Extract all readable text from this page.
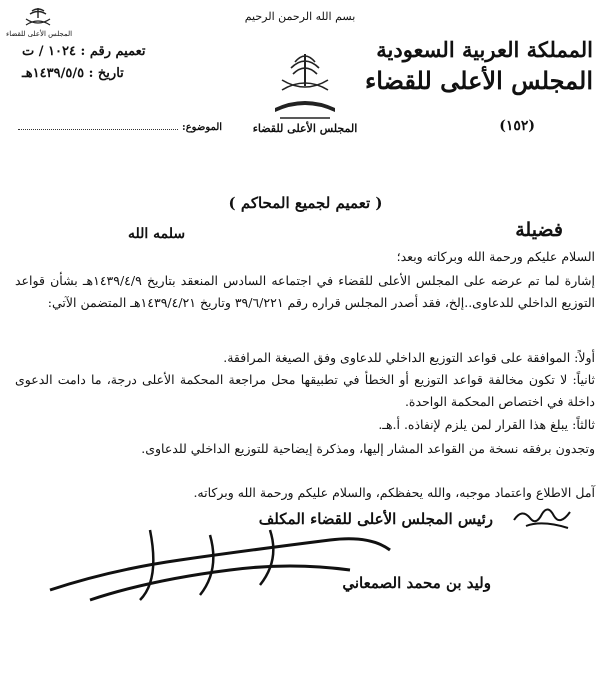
المجلس الأعلى للقضاء
تعميم رقم : ١٠٢٤ / ت
تاريخ : ١٤٣٩/٥/٥هـ
الموضوع:
بسم الله الرحمن الرحيم
المجلس الأعلى للقضاء
المملكة العربية السعودية
المجلس الأعلى للقضاء
(١٥٢)
( تعميم لجميع المحاكم )
فضيلة
سلمه الله
السلام عليكم ورحمة الله وبركاته وبعد؛
إشارة لما تم عرضه على المجلس الأعلى للقضاء في اجتماعه السادس المنعقد بتاريخ ١٤٣٩/٤/٩هـ بشأن قواعد التوزيع الداخلي للدعاوى..إلخ، فقد أصدر المجلس قراره رقم ٣٩/٦/٢٢١ وتاريخ ١٤٣٩/٤/٢١هـ المتضمن الآتي:
أولاً: الموافقة على قواعد التوزيع الداخلي للدعاوى وفق الصيغة المرافقة.
ثانياً: لا تكون مخالفة قواعد التوزيع أو الخطأ في تطبيقها محل مراجعة المحكمة الأعلى درجة، ما دامت الدعوى داخلة في اختصاص المحكمة الواحدة.
ثالثاً: يبلغ هذا القرار لمن يلزم لإنفاذه. أ.هـ.
وتجدون برفقه نسخة من القواعد المشار إليها، ومذكرة إيضاحية للتوزيع الداخلي للدعاوى.
آمل الاطلاع واعتماد موجبه، والله يحفظكم، والسلام عليكم ورحمة الله وبركاته.
رئيس المجلس الأعلى للقضاء المكلف
وليد بن محمد الصمعاني
